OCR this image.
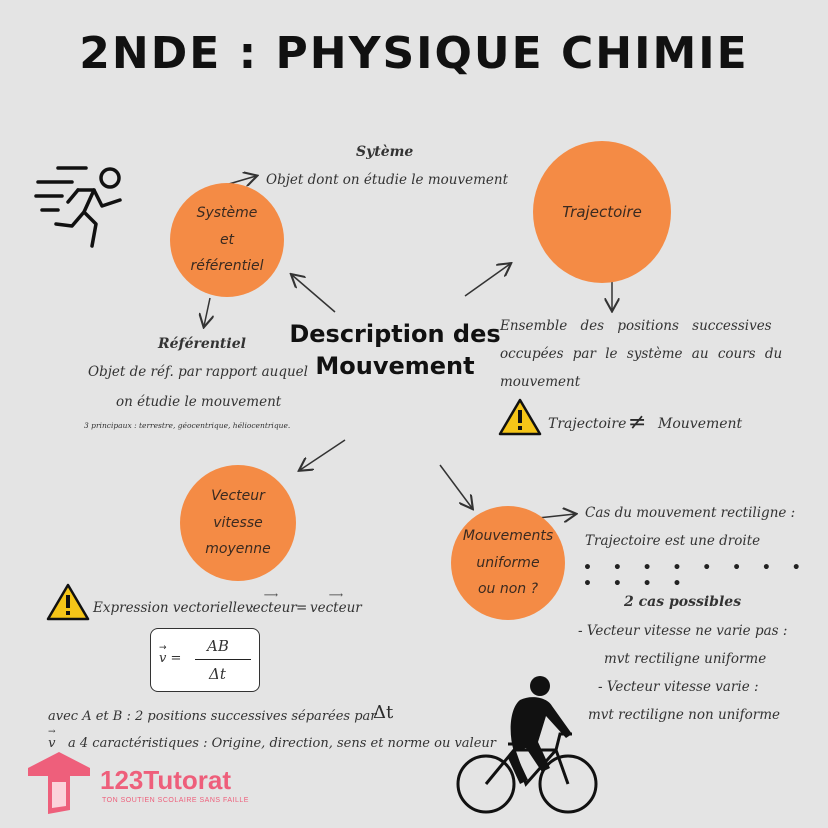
2NDE : PHYSIQUE CHIMIE
Système
et
référentiel
Trajectoire
Vecteur
vitesse
moyenne
Mouvements
uniforme
ou non ?
Description des
Mouvement
Sytème
Objet dont on étudie le mouvement
Référentiel
Objet de réf. par rapport auquel
on étudie le mouvement
3 principaux : terrestre, géocentrique, héliocentrique.
Ensemble des positions successives
occupées par le système au cours du
mouvement
Trajectoire ≠ Mouvement
Expression vectorielle :
⟶
vecteur =
⟶
vecteur
v =
→	AB
Δt
avec A et B : 2 positions successives séparées par
Δt
→
v a 4 caractéristiques : Origine, direction, sens et norme ou valeur
Cas du mouvement rectiligne :
Trajectoire est une droite
• • • • • • • • • • • •
2 cas possibles
- Vecteur vitesse ne varie pas :
mvt rectiligne uniforme
- Vecteur vitesse varie :
mvt rectiligne non uniforme
123Tutorat
TON SOUTIEN SCOLAIRE SANS FAILLE
